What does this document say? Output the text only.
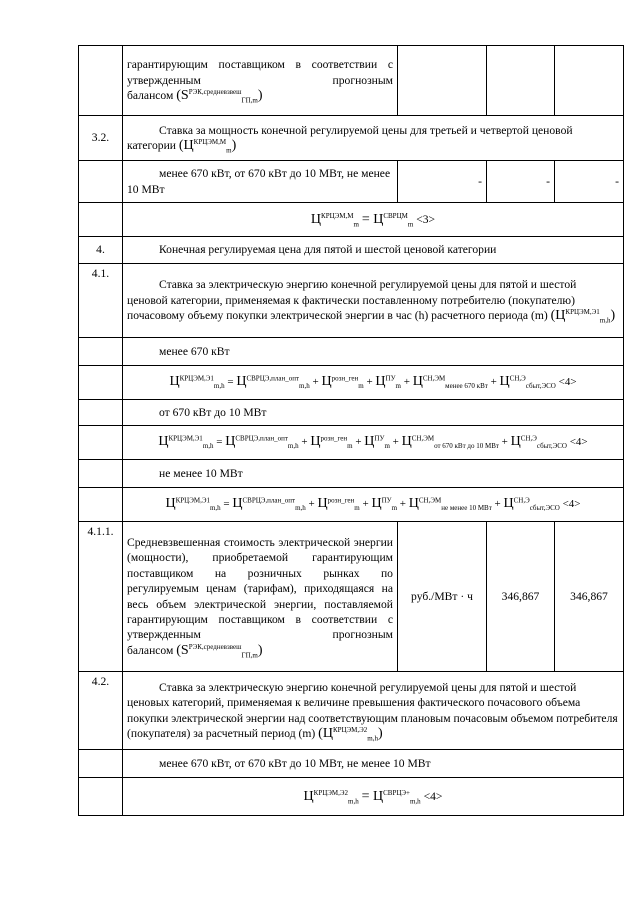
	гарантирующим поставщиком в соответствии с утвержденным прогнозным
балансом $(S^{РЭК,средневзвеш}_{ГП,m})$			

3.2.	Ставка за мощность конечной регулируемой цены для третьей и четвертой ценовой категории $(Ц^{КРЦЭМ,М}_m)$			

	менее 670 кВт, от 670 кВт до 10 МВт, не менее 10 МВт	-	-	-
	$Ц^{КРЦЭМ,М}_m = Ц^{СВРЦМ}_m <3>$			
4.	Конечная регулируемая цена для пятой и шестой ценовой категории			

4.1.	Ставка за электрическую энергию конечной регулируемой цены для пятой и шестой ценовой категории, применяемая к фактически поставленному потребителю (покупателю) почасовому объему покупки электрической энергии в час (h) расчетного периода (m) $(Ц^{КРЦЭМ,Э1}_{m,h})$			

	менее 670 кВт			

	$Ц^{КРЦЭМ,Э1}_{m,h} = Ц^{СВРЦЭ,план\_опт}_{m,h} + Ц^{розн\_ген}_m + Ц^{ПУ}_m + Ц^{СН,ЭМ}_{менее 670 кВт} + Ц^{СН,Э}_{сбыт,ЭСО} <4>$			

	от 670 кВт до 10 МВт			

	$Ц^{КРЦЭМ,Э1}_{m,h} = Ц^{СВРЦЭ,план\_опт}_{m,h} + Ц^{розн\_ген}_m + Ц^{ПУ}_m + Ц^{СН,ЭМ}_{от 670 кВт до 10 МВт} + Ц^{СН,Э}_{сбыт,ЭСО} <4>$			

	не менее 10 МВт			

	$Ц^{КРЦЭМ,Э1}_{m,h} = Ц^{СВРЦЭ,план\_опт}_{m,h} + Ц^{розн\_ген}_m + Ц^{ПУ}_m + Ц^{СН,ЭМ}_{не менее 10 МВт} + Ц^{СН,Э}_{сбыт,ЭСО} <4>$			
4.1.1.	Средневзвешенная стоимость электрической энергии (мощности), приобретаемой гарантирующим поставщиком на розничных рынках по регулируемым ценам (тарифам), приходящаяся на весь объем электрической энергии, поставляемой гарантирующим поставщиком в соответствии с утвержденным прогнозным
балансом $(S^{РЭК,средневзвеш}_{ГП,m})$	руб./МВт · ч	346,867	346,867
4.2.	Ставка за электрическую энергию конечной регулируемой цены для пятой и шестой ценовых категорий, применяемая к величине превышения фактического почасового объема покупки электрической энергии над соответствующим плановым почасовым объемом потребителя (покупателя) за расчетный период (m) $(Ц^{КРЦЭМ,Э2}_{m,h})$			

	менее 670 кВт, от 670 кВт до 10 МВт, не менее 10 МВт			

	$Ц^{КРЦЭМ,Э2}_{m,h} = Ц^{СВРЦЭ+}_{m,h} <4>$			
